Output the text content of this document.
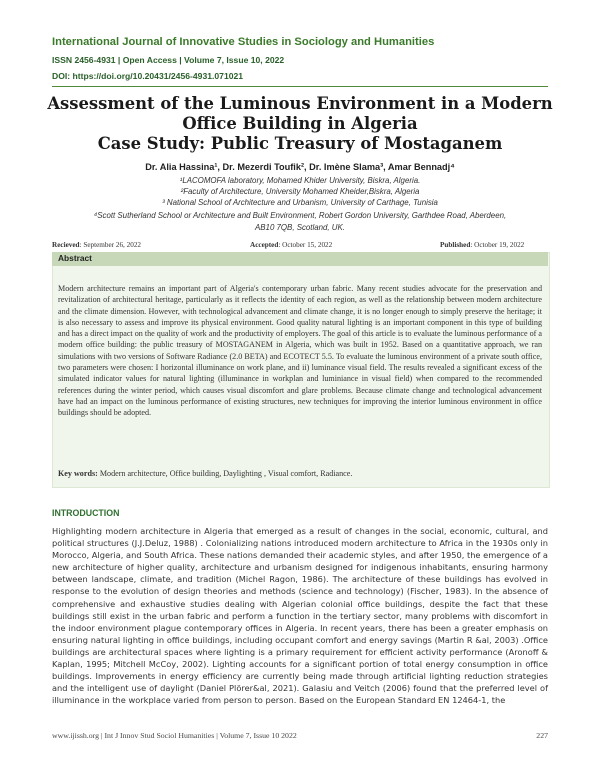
International Journal of Innovative Studies in Sociology and Humanities
ISSN 2456-4931 | Open Access | Volume 7, Issue 10, 2022
DOI: https://doi.org/10.20431/2456-4931.071021
Assessment of the Luminous Environment in a Modern
Office Building in Algeria
Case Study: Public Treasury of Mostaganem
Dr. Alia Hassina¹, Dr. Mezerdi Toufik², Dr. Imène Slama³, Amar Bennadj⁴
¹LACOMOFA laboratory, Mohamed Khider University, Biskra, Algeria.
²Faculty of Architecture, University Mohamed Kheider,Biskra, Algeria
³ National School of Architecture and Urbanism, University of Carthage, Tunisia
⁴Scott Sutherland School or Architecture and Built Environment, Robert Gordon University, Garthdee Road, Aberdeen,
AB10 7QB, Scotland, UK.
Recieved: September 26, 2022	Accepted: October 15, 2022	Published: October 19, 2022
Abstract
Modern architecture remains an important part of Algeria's contemporary urban fabric. Many recent studies advocate for the preservation and revitalization of architectural heritage, particularly as it reflects the identity of each region, as well as the relationship between modern architecture and the climate dimension. However, with technological advancement and climate change, it is no longer enough to simply preserve the heritage; it is also necessary to assess and improve its physical environment. Good quality natural lighting is an important component in this type of building and has a direct impact on the quality of work and the productivity of employers. The goal of this article is to evaluate the luminous performance of a modern office building: the public treasury of MOSTAGANEM in Algeria, which was built in 1952. Based on a quantitative approach, we ran simulations with two versions of Software Radiance (2.0 BETA) and ECOTECT 5.5. To evaluate the luminous environment of a private south office, two parameters were chosen: I horizontal illuminance on work plane, and ii) luminance visual field. The results revealed a significant excess of the simulated indicator values for natural lighting (illuminance in workplan and luminiance in visual field) when compared to the recommended references during the winter period, which causes visual discomfort and glare problems. Because climate change and technological advancement have had an impact on the luminous performance of existing structures, new techniques for improving the interior luminous environment in office buildings should be adopted.
Key words: Modern architecture, Office building, Daylighting , Visual comfort, Radiance.
INTRODUCTION
Highlighting modern architecture in Algeria that emerged as a result of changes in the social, economic, cultural, and political structures (J.J.Deluz, 1988) . Colonializing nations introduced modern architecture to Africa in the 1930s only in Morocco, Algeria, and South Africa. These nations demanded their academic styles, and after 1950, the emergence of a new architecture of higher quality, architecture and urbanism designed for indigenous inhabitants, ensuring harmony between landscape, climate, and tradition (Michel Ragon, 1986). The architecture of these buildings has evolved in response to the evolution of design theories and methods (science and technology) (Fischer, 1983). In the absence of comprehensive and exhaustive studies dealing with Algerian colonial office buildings, despite the fact that these buildings still exist in the urban fabric and perform a function in the tertiary sector, many problems with discomfort in the indoor environment plague contemporary offices in Algeria. In recent years, there has been a greater emphasis on ensuring natural lighting in office buildings, including occupant comfort and energy savings (Martin R &al, 2003) .Office buildings are architectural spaces where lighting is a primary requirement for efficient activity performance (Aronoff & Kaplan, 1995; Mitchell McCoy, 2002). Lighting accounts for a significant portion of total energy consumption in office buildings. Improvements in energy efficiency are currently being made through artificial lighting reduction strategies and the intelligent use of daylight (Daniel Plörer&al, 2021). Galasiu and Veitch (2006) found that the preferred level of illuminance in the workplace varied from person to person. Based on the European Standard EN 12464-1, the
www.ijissh.org | Int J Innov Stud Sociol Humanities | Volume 7, Issue 10 2022	227
